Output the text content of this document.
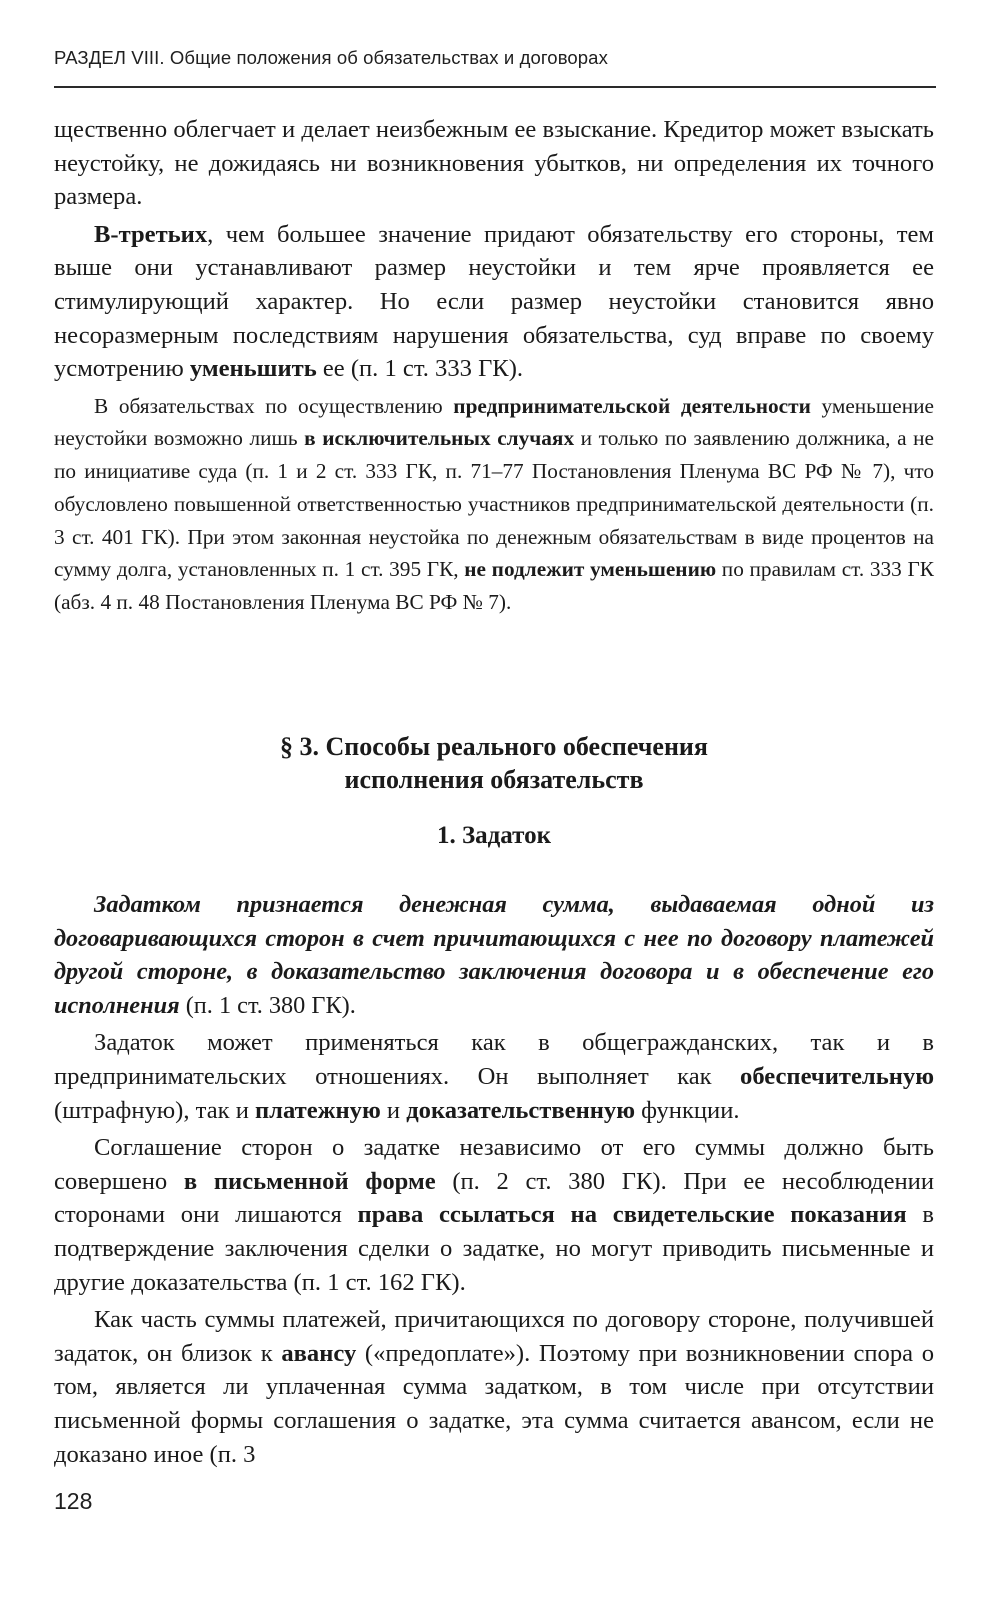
РАЗДЕЛ VIII. Общие положения об обязательствах и договорах

щественно облегчает и делает неизбежным ее взыскание. Кредитор может взыскать неустойку, не дожидаясь ни возникновения убытков, ни определения их точного размера.

В-третьих, чем большее значение придают обязательству его стороны, тем выше они устанавливают размер неустойки и тем ярче проявляется ее стимулирующий характер. Но если размер неустойки становится явно несоразмерным последствиям нарушения обязательства, суд вправе по своему усмотрению уменьшить ее (п. 1 ст. 333 ГК).

В обязательствах по осуществлению предпринимательской деятельности уменьшение неустойки возможно лишь в исключительных случаях и только по заявлению должника, а не по инициативе суда (п. 1 и 2 ст. 333 ГК, п. 71–77 Постановления Пленума ВС РФ № 7), что обусловлено повышенной ответственностью участников предпринимательской деятельности (п. 3 ст. 401 ГК). При этом законная неустойка по денежным обязательствам в виде процентов на сумму долга, установленных п. 1 ст. 395 ГК, не подлежит уменьшению по правилам ст. 333 ГК (абз. 4 п. 48 Постановления Пленума ВС РФ № 7).

§ 3. Способы реального обеспечения
исполнения обязательств
1. Задаток

Задатком признается денежная сумма, выдаваемая одной из договаривающихся сторон в счет причитающихся с нее по договору платежей другой стороне, в доказательство заключения договора и в обеспечение его исполнения (п. 1 ст. 380 ГК).

Задаток может применяться как в общегражданских, так и в предпринимательских отношениях. Он выполняет как обеспечительную (штрафную), так и платежную и доказательственную функции.

Соглашение сторон о задатке независимо от его суммы должно быть совершено в письменной форме (п. 2 ст. 380 ГК). При ее несоблюдении сторонами они лишаются права ссылаться на свидетельские показания в подтверждение заключения сделки о задатке, но могут приводить письменные и другие доказательства (п. 1 ст. 162 ГК).

Как часть суммы платежей, причитающихся по договору стороне, получившей задаток, он близок к авансу («предоплате»). Поэтому при возникновении спора о том, является ли уплаченная сумма задатком, в том числе при отсутствии письменной формы соглашения о задатке, эта сумма считается авансом, если не доказано иное (п. 3

128
